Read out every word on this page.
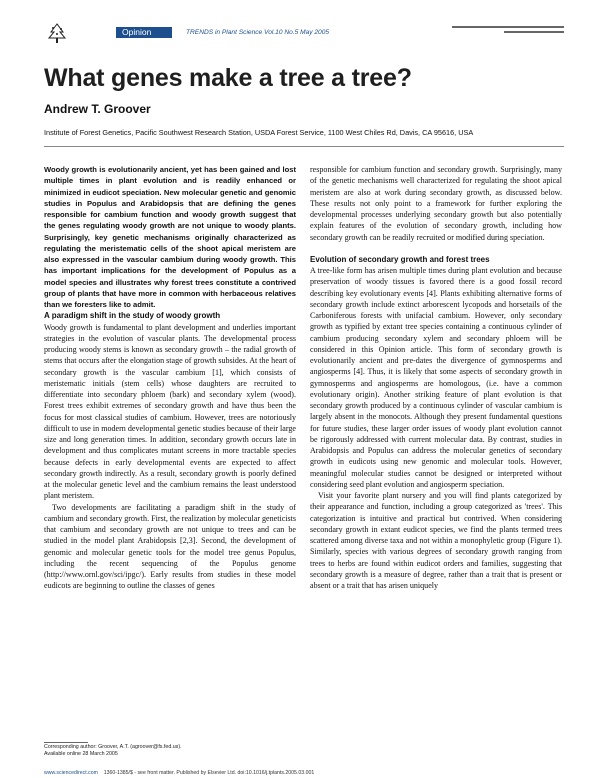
Opinion	TRENDS in Plant Science Vol.10 No.5 May 2005
What genes make a tree a tree?
Andrew T. Groover
Institute of Forest Genetics, Pacific Southwest Research Station, USDA Forest Service, 1100 West Chiles Rd, Davis, CA 95616, USA

Woody growth is evolutionarily ancient, yet has been gained and lost multiple times in plant evolution and is readily enhanced or minimized in eudicot speciation. New molecular genetic and genomic studies in Populus and Arabidopsis that are defining the genes responsible for cambium function and woody growth suggest that the genes regulating woody growth are not unique to woody plants. Surprisingly, key genetic mechanisms originally characterized as regulating the meristematic cells of the shoot apical meristem are also expressed in the vascular cambium during woody growth. This has important implications for the development of Populus as a model species and illustrates why forest trees constitute a contrived group of plants that have more in common with herbaceous relatives than we foresters like to admit.

A paradigm shift in the study of woody growth

Woody growth is fundamental to plant development and underlies important strategies in the evolution of vascular plants. The developmental process producing woody stems is known as secondary growth – the radial growth of stems that occurs after the elongation stage of growth subsides. At the heart of secondary growth is the vascular cambium [1], which consists of meristematic initials (stem cells) whose daughters are recruited to differentiate into secondary phloem (bark) and secondary xylem (wood). Forest trees exhibit extremes of secondary growth and have thus been the focus for most classical studies of cambium. However, trees are notoriously difficult to use in modern developmental genetic studies because of their large size and long generation times. In addition, secondary growth occurs late in development and thus complicates mutant screens in more tractable species because defects in early developmental events are expected to affect secondary growth indirectly. As a result, secondary growth is poorly defined at the molecular genetic level and the cambium remains the least understood plant meristem.

Two developments are facilitating a paradigm shift in the study of cambium and secondary growth. First, the realization by molecular geneticists that cambium and secondary growth are not unique to trees and can be studied in the model plant Arabidopsis [2,3]. Second, the development of genomic and molecular genetic tools for the model tree genus Populus, including the recent sequencing of the Populus genome (http://www.ornl.gov/sci/ipgc/). Early results from studies in these model eudicots are beginning to outline the classes of genes

responsible for cambium function and secondary growth. Surprisingly, many of the genetic mechanisms well characterized for regulating the shoot apical meristem are also at work during secondary growth, as discussed below. These results not only point to a framework for further exploring the developmental processes underlying secondary growth but also potentially explain features of the evolution of secondary growth, including how secondary growth can be readily recruited or modified during speciation.

Evolution of secondary growth and forest trees

A tree-like form has arisen multiple times during plant evolution and because preservation of woody tissues is favored there is a good fossil record describing key evolutionary events [4]. Plants exhibiting alternative forms of secondary growth include extinct arborescent lycopods and horsetails of the Carboniferous forests with unifacial cambium. However, only secondary growth as typified by extant tree species containing a continuous cylinder of cambium producing secondary xylem and secondary phloem will be considered in this Opinion article. This form of secondary growth is evolutionarily ancient and pre-dates the divergence of gymnosperms and angiosperms [4]. Thus, it is likely that some aspects of secondary growth in gymnosperms and angiosperms are homologous, (i.e. have a common evolutionary origin). Another striking feature of plant evolution is that secondary growth produced by a continuous cylinder of vascular cambium is largely absent in the monocots. Although they present fundamental questions for future studies, these larger order issues of woody plant evolution cannot be rigorously addressed with current molecular data. By contrast, studies in Arabidopsis and Populus can address the molecular genetics of secondary growth in eudicots using new genomic and molecular tools. However, meaningful molecular studies cannot be designed or interpreted without considering seed plant evolution and angiosperm speciation.

Visit your favorite plant nursery and you will find plants categorized by their appearance and function, including a group categorized as 'trees'. This categorization is intuitive and practical but contrived. When considering secondary growth in extant eudicot species, we find the plants termed trees scattered among diverse taxa and not within a monophyletic group (Figure 1). Similarly, species with various degrees of secondary growth ranging from trees to herbs are found within eudicot orders and families, suggesting that secondary growth is a measure of degree, rather than a trait that is present or absent or a trait that has arisen uniquely

Corresponding author: Groover, A.T. (agroover@fs.fed.us).
Available online 28 March 2005
www.sciencedirect.com 1360-1385/$ - see front matter. Published by Elsevier Ltd. doi:10.1016/j.tplants.2005.03.001
